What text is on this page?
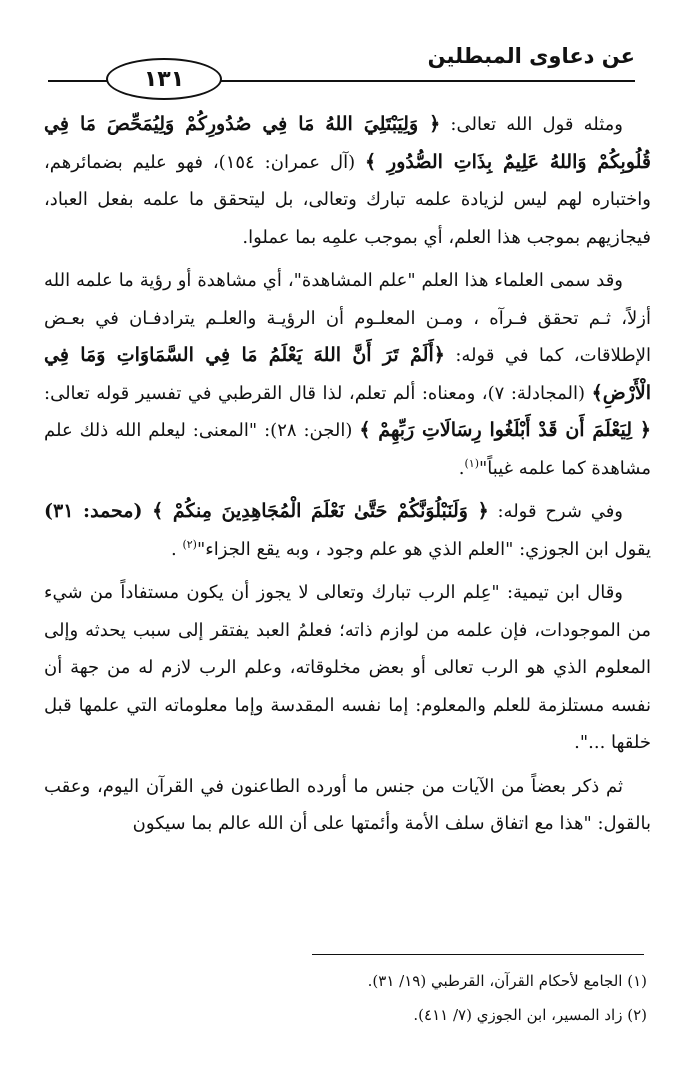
عن دعاوى المبطلين
١٣١

ومثله قول الله تعالى: ﴿ وَلِيَبْتَلِيَ اللهُ مَا فِي صُدُورِكُمْ وَلِيُمَحِّصَ مَا فِي قُلُوبِكُمْ وَاللهُ عَلِيمٌ بِذَاتِ الصُّدُورِ ﴾ (آل عمران: ١٥٤)، فهو عليم بضمائرهم، واختباره لهم ليس لزيادة علمه تبارك وتعالى، بل ليتحقق ما علمه بفعل العباد، فيجازيهم بموجب هذا العلم، أي بموجب علمِه بما عملوا.

وقد سمى العلماء هذا العلم "علم المشاهدة"، أي مشاهدة أو رؤية ما علمه الله أزلاً، ثـم تحقق فـرآه ، ومـن المعلـوم أن الرؤيـة والعلـم يترادفـان في بعـض الإطلاقات، كما في قوله: ﴿أَلَمْ تَرَ أَنَّ اللهَ يَعْلَمُ مَا فِي السَّمَاوَاتِ وَمَا فِي الْأَرْضِ﴾ (المجادلة: ٧)، ومعناه: ألم تعلم، لذا قال القرطبي في تفسير قوله تعالى: ﴿ لِيَعْلَمَ أَن قَدْ أَبْلَغُوا رِسَالَاتِ رَبِّهِمْ ﴾ (الجن: ٢٨): "المعنى: ليعلم الله ذلك علم مشاهدة كما علمه غيباً"$^{(١)}$.

وفي شرح قوله: ﴿ وَلَنَبْلُوَنَّكُمْ حَتَّىٰ نَعْلَمَ الْمُجَاهِدِينَ مِنكُمْ ﴾ (محمد: ٣١) يقول ابن الجوزي: "العلم الذي هو علم وجود ، وبه يقع الجزاء"$^{(٢)}$ .

وقال ابن تيمية: "عِلم الرب تبارك وتعالى لا يجوز أن يكون مستفاداً من شيء من الموجودات، فإن علمه من لوازم ذاته؛ فعلمُ العبد يفتقر إلى سبب يحدثه وإلى المعلوم الذي هو الرب تعالى أو بعض مخلوقاته، وعلم الرب لازم له من جهة أن نفسه مستلزمة للعلم والمعلوم: إما نفسه المقدسة وإما معلوماته التي علمها قبل خلقها ...".

ثم ذكر بعضاً من الآيات من جنس ما أورده الطاعنون في القرآن اليوم، وعقب بالقول: "هذا مع اتفاق سلف الأمة وأئمتها على أن الله عالم بما سيكون

(١) الجامع لأحكام القرآن، القرطبي (١٩/ ٣١).
(٢) زاد المسير، ابن الجوزي (٧/ ٤١١).
